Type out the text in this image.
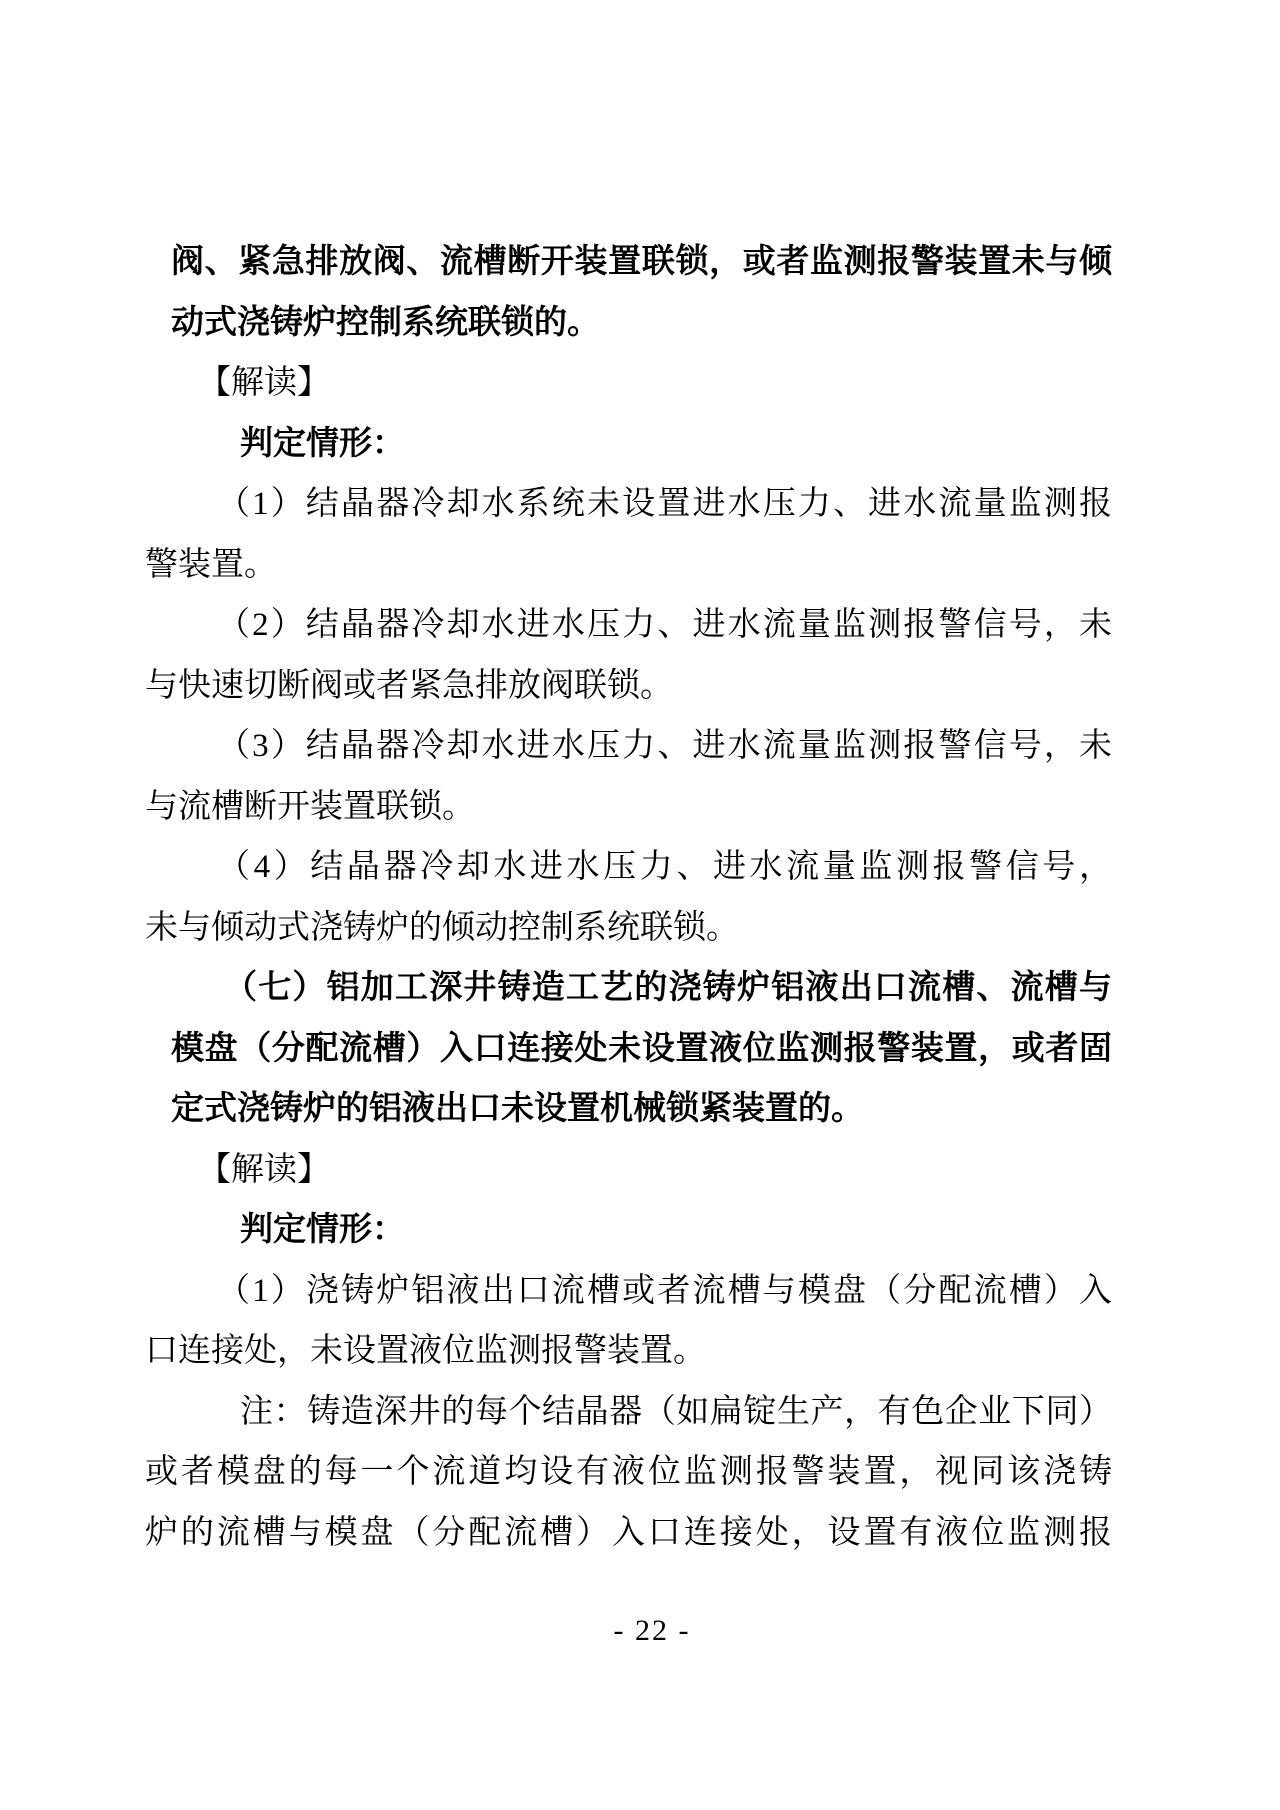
阀、紧急排放阀、流槽断开装置联锁，或者监测报警装置未与倾
动式浇铸炉控制系统联锁的。
【解读】
判定情形：
（1）结晶器冷却水系统未设置进水压力、进水流量监测报
警装置。
（2）结晶器冷却水进水压力、进水流量监测报警信号，未
与快速切断阀或者紧急排放阀联锁。
（3）结晶器冷却水进水压力、进水流量监测报警信号，未
与流槽断开装置联锁。
（4）结晶器冷却水进水压力、进水流量监测报警信号，
未与倾动式浇铸炉的倾动控制系统联锁。
（七）铝加工深井铸造工艺的浇铸炉铝液出口流槽、流槽与
模盘（分配流槽）入口连接处未设置液位监测报警装置，或者固
定式浇铸炉的铝液出口未设置机械锁紧装置的。
【解读】
判定情形：
（1）浇铸炉铝液出口流槽或者流槽与模盘（分配流槽）入
口连接处，未设置液位监测报警装置。
注：铸造深井的每个结晶器（如扁锭生产，有色企业下同）
或者模盘的每一个流道均设有液位监测报警装置，视同该浇铸
炉的流槽与模盘（分配流槽）入口连接处，设置有液位监测报
- 22 -
